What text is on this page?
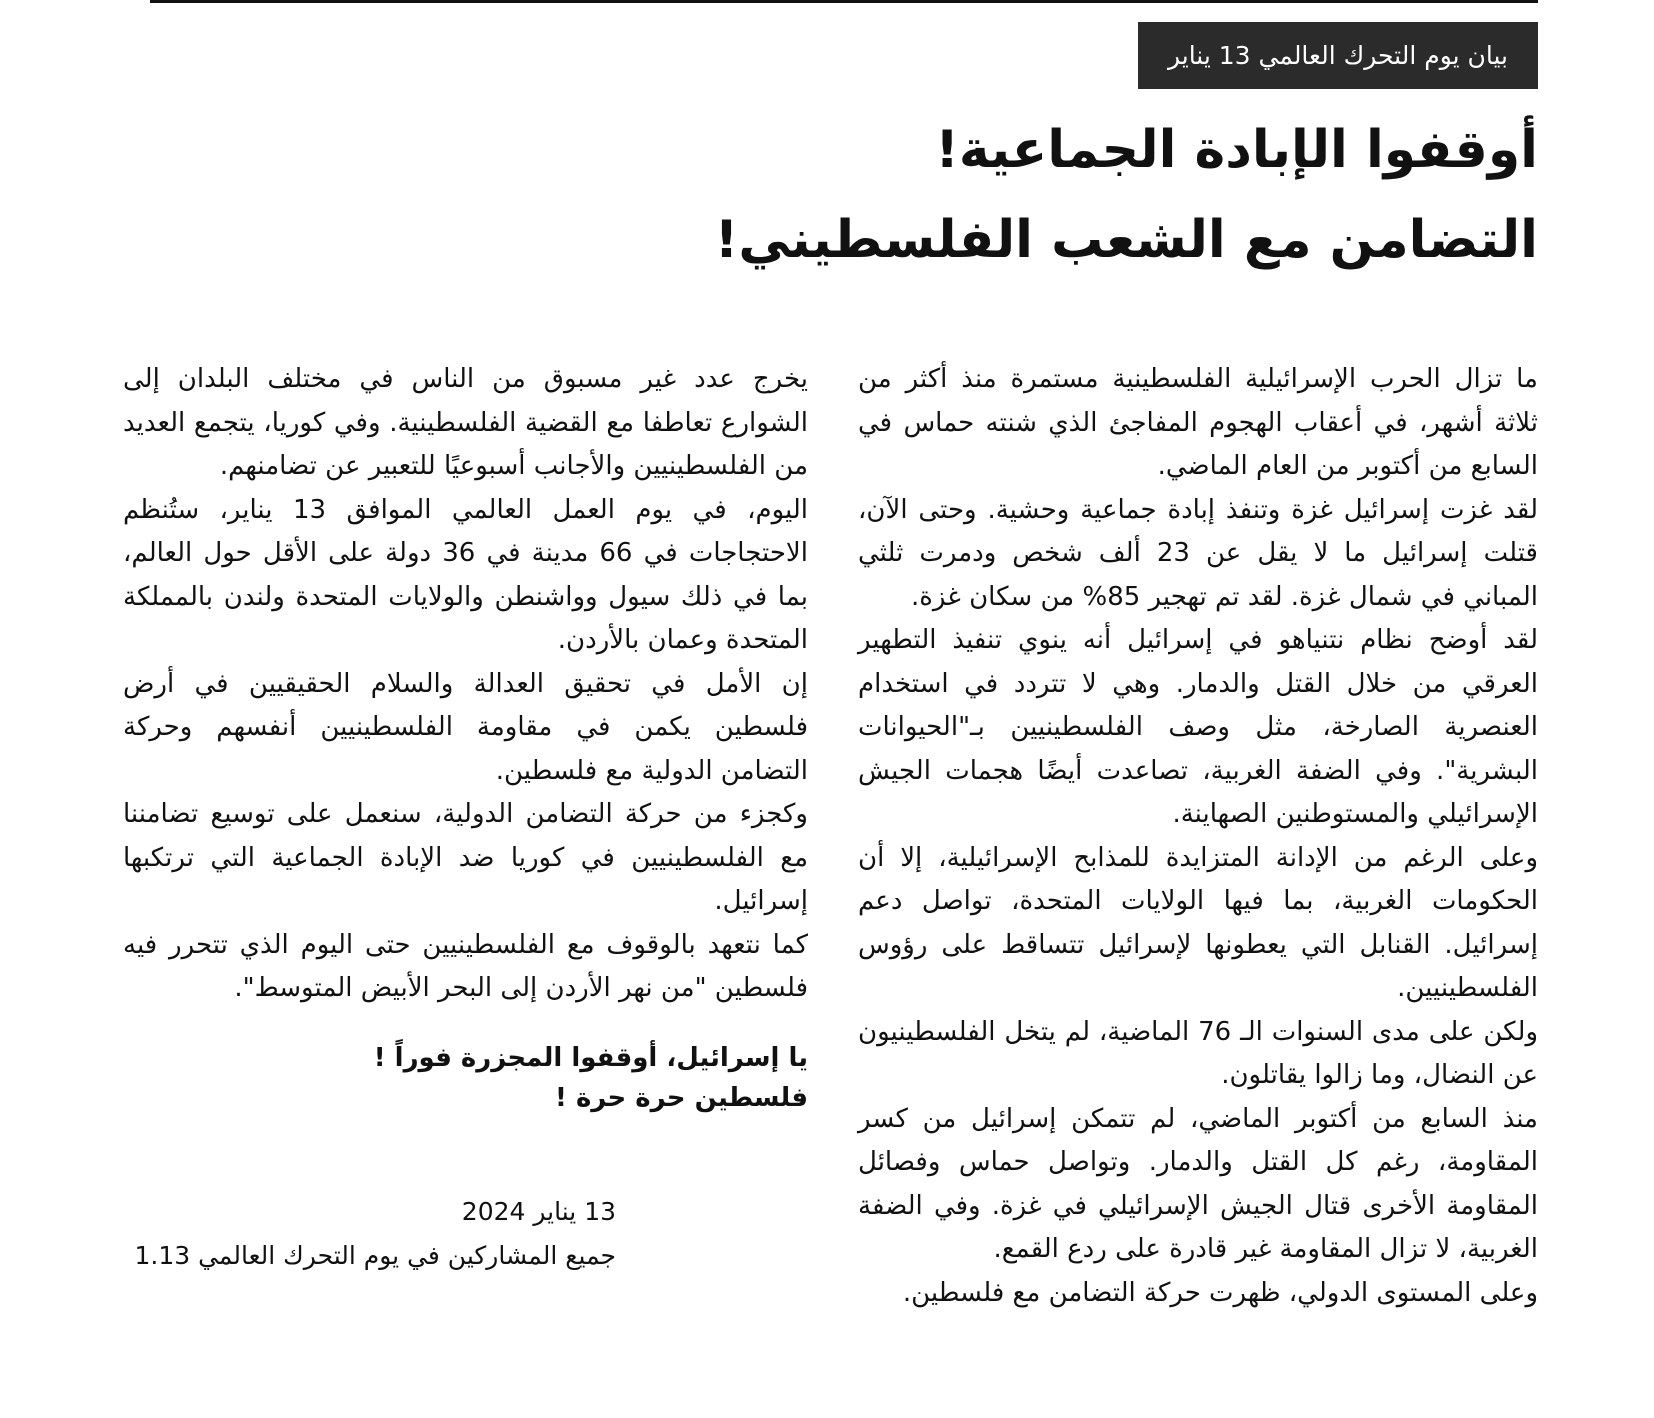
بيان يوم التحرك العالمي 13 يناير
أوقفوا الإبادة الجماعية!
التضامن مع الشعب الفلسطيني!

ما تزال الحرب الإسرائيلية الفلسطينية مستمرة منذ أكثر من ثلاثة أشهر، في أعقاب الهجوم المفاجئ الذي شنته حماس في السابع من أكتوبر من العام الماضي.

لقد غزت إسرائيل غزة وتنفذ إبادة جماعية وحشية. وحتى الآن، قتلت إسرائيل ما لا يقل عن 23 ألف شخص ودمرت ثلثي المباني في شمال غزة. لقد تم تهجير 85% من سكان غزة.

لقد أوضح نظام نتنياهو في إسرائيل أنه ينوي تنفيذ التطهير العرقي من خلال القتل والدمار. وهي لا تتردد في استخدام العنصرية الصارخة، مثل وصف الفلسطينيين بـ"الحيوانات البشرية". وفي الضفة الغربية، تصاعدت أيضًا هجمات الجيش الإسرائيلي والمستوطنين الصهاينة.

وعلى الرغم من الإدانة المتزايدة للمذابح الإسرائيلية، إلا أن الحكومات الغربية، بما فيها الولايات المتحدة، تواصل دعم إسرائيل. القنابل التي يعطونها لإسرائيل تتساقط على رؤوس الفلسطينيين.

ولكن على مدى السنوات الـ 76 الماضية، لم يتخل الفلسطينيون عن النضال، وما زالوا يقاتلون.

منذ السابع من أكتوبر الماضي، لم تتمكن إسرائيل من كسر المقاومة، رغم كل القتل والدمار. وتواصل حماس وفصائل المقاومة الأخرى قتال الجيش الإسرائيلي في غزة. وفي الضفة الغربية، لا تزال المقاومة غير قادرة على ردع القمع.

وعلى المستوى الدولي، ظهرت حركة التضامن مع فلسطين.

يخرج عدد غير مسبوق من الناس في مختلف البلدان إلى الشوارع تعاطفا مع القضية الفلسطينية. وفي كوريا، يتجمع العديد من الفلسطينيين والأجانب أسبوعيًا للتعبير عن تضامنهم.

اليوم، في يوم العمل العالمي الموافق 13 يناير، ستُنظم الاحتجاجات في 66 مدينة في 36 دولة على الأقل حول العالم، بما في ذلك سيول وواشنطن والولايات المتحدة ولندن بالمملكة المتحدة وعمان بالأردن.

إن الأمل في تحقيق العدالة والسلام الحقيقيين في أرض فلسطين يكمن في مقاومة الفلسطينيين أنفسهم وحركة التضامن الدولية مع فلسطين.

وكجزء من حركة التضامن الدولية، سنعمل على توسيع تضامننا مع الفلسطينيين في كوريا ضد الإبادة الجماعية التي ترتكبها إسرائيل.

كما نتعهد بالوقوف مع الفلسطينيين حتى اليوم الذي تتحرر فيه فلسطين "من نهر الأردن إلى البحر الأبيض المتوسط".

يا إسرائيل، أوقفوا المجزرة فوراً !
فلسطين حرة حرة !

13 يناير 2024
جميع المشاركين في يوم التحرك العالمي 1.13
